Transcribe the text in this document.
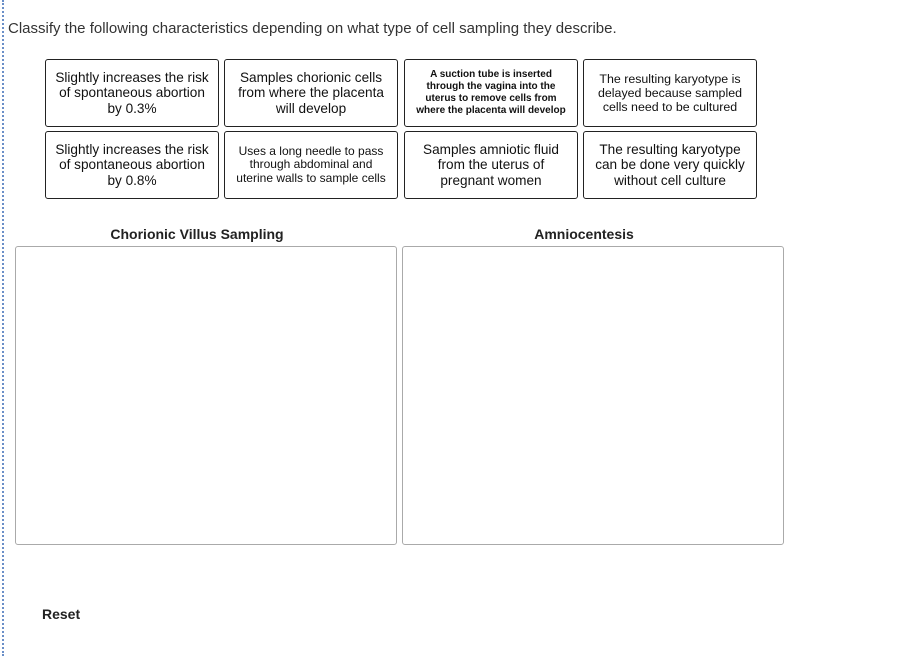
Classify the following characteristics depending on what type of cell sampling they describe.
Slightly increases the risk of spontaneous abortion by 0.3%
Samples chorionic cells from where the placenta will develop
A suction tube is inserted through the vagina into the uterus to remove cells from where the placenta will develop
The resulting karyotype is delayed because sampled cells need to be cultured
Slightly increases the risk of spontaneous abortion by 0.8%
Uses a long needle to pass through abdominal and uterine walls to sample cells
Samples amniotic fluid from the uterus of pregnant women
The resulting karyotype can be done very quickly without cell culture
Chorionic Villus Sampling	Amniocentesis
Reset
